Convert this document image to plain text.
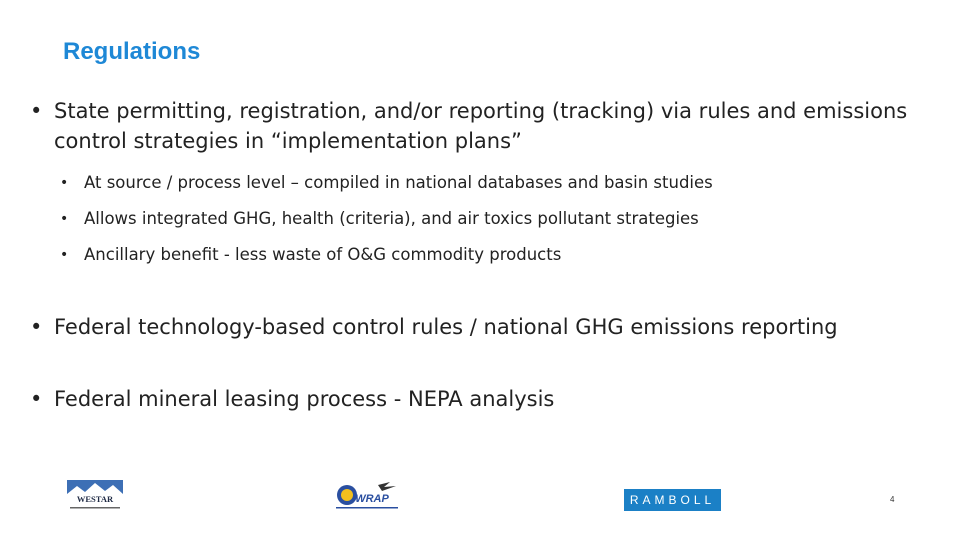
Regulations
• State permitting, registration, and/or reporting (tracking) via rules and emissions control strategies in “implementation plans”
• At source / process level – compiled in national databases and basin studies
• Allows integrated GHG, health (criteria), and air toxics pollutant strategies
• Ancillary benefit - less waste of O&G commodity products
• Federal technology-based control rules / national GHG emissions reporting
• Federal mineral leasing process - NEPA analysis
WESTAR	WRAP	RAMBOLL	4
